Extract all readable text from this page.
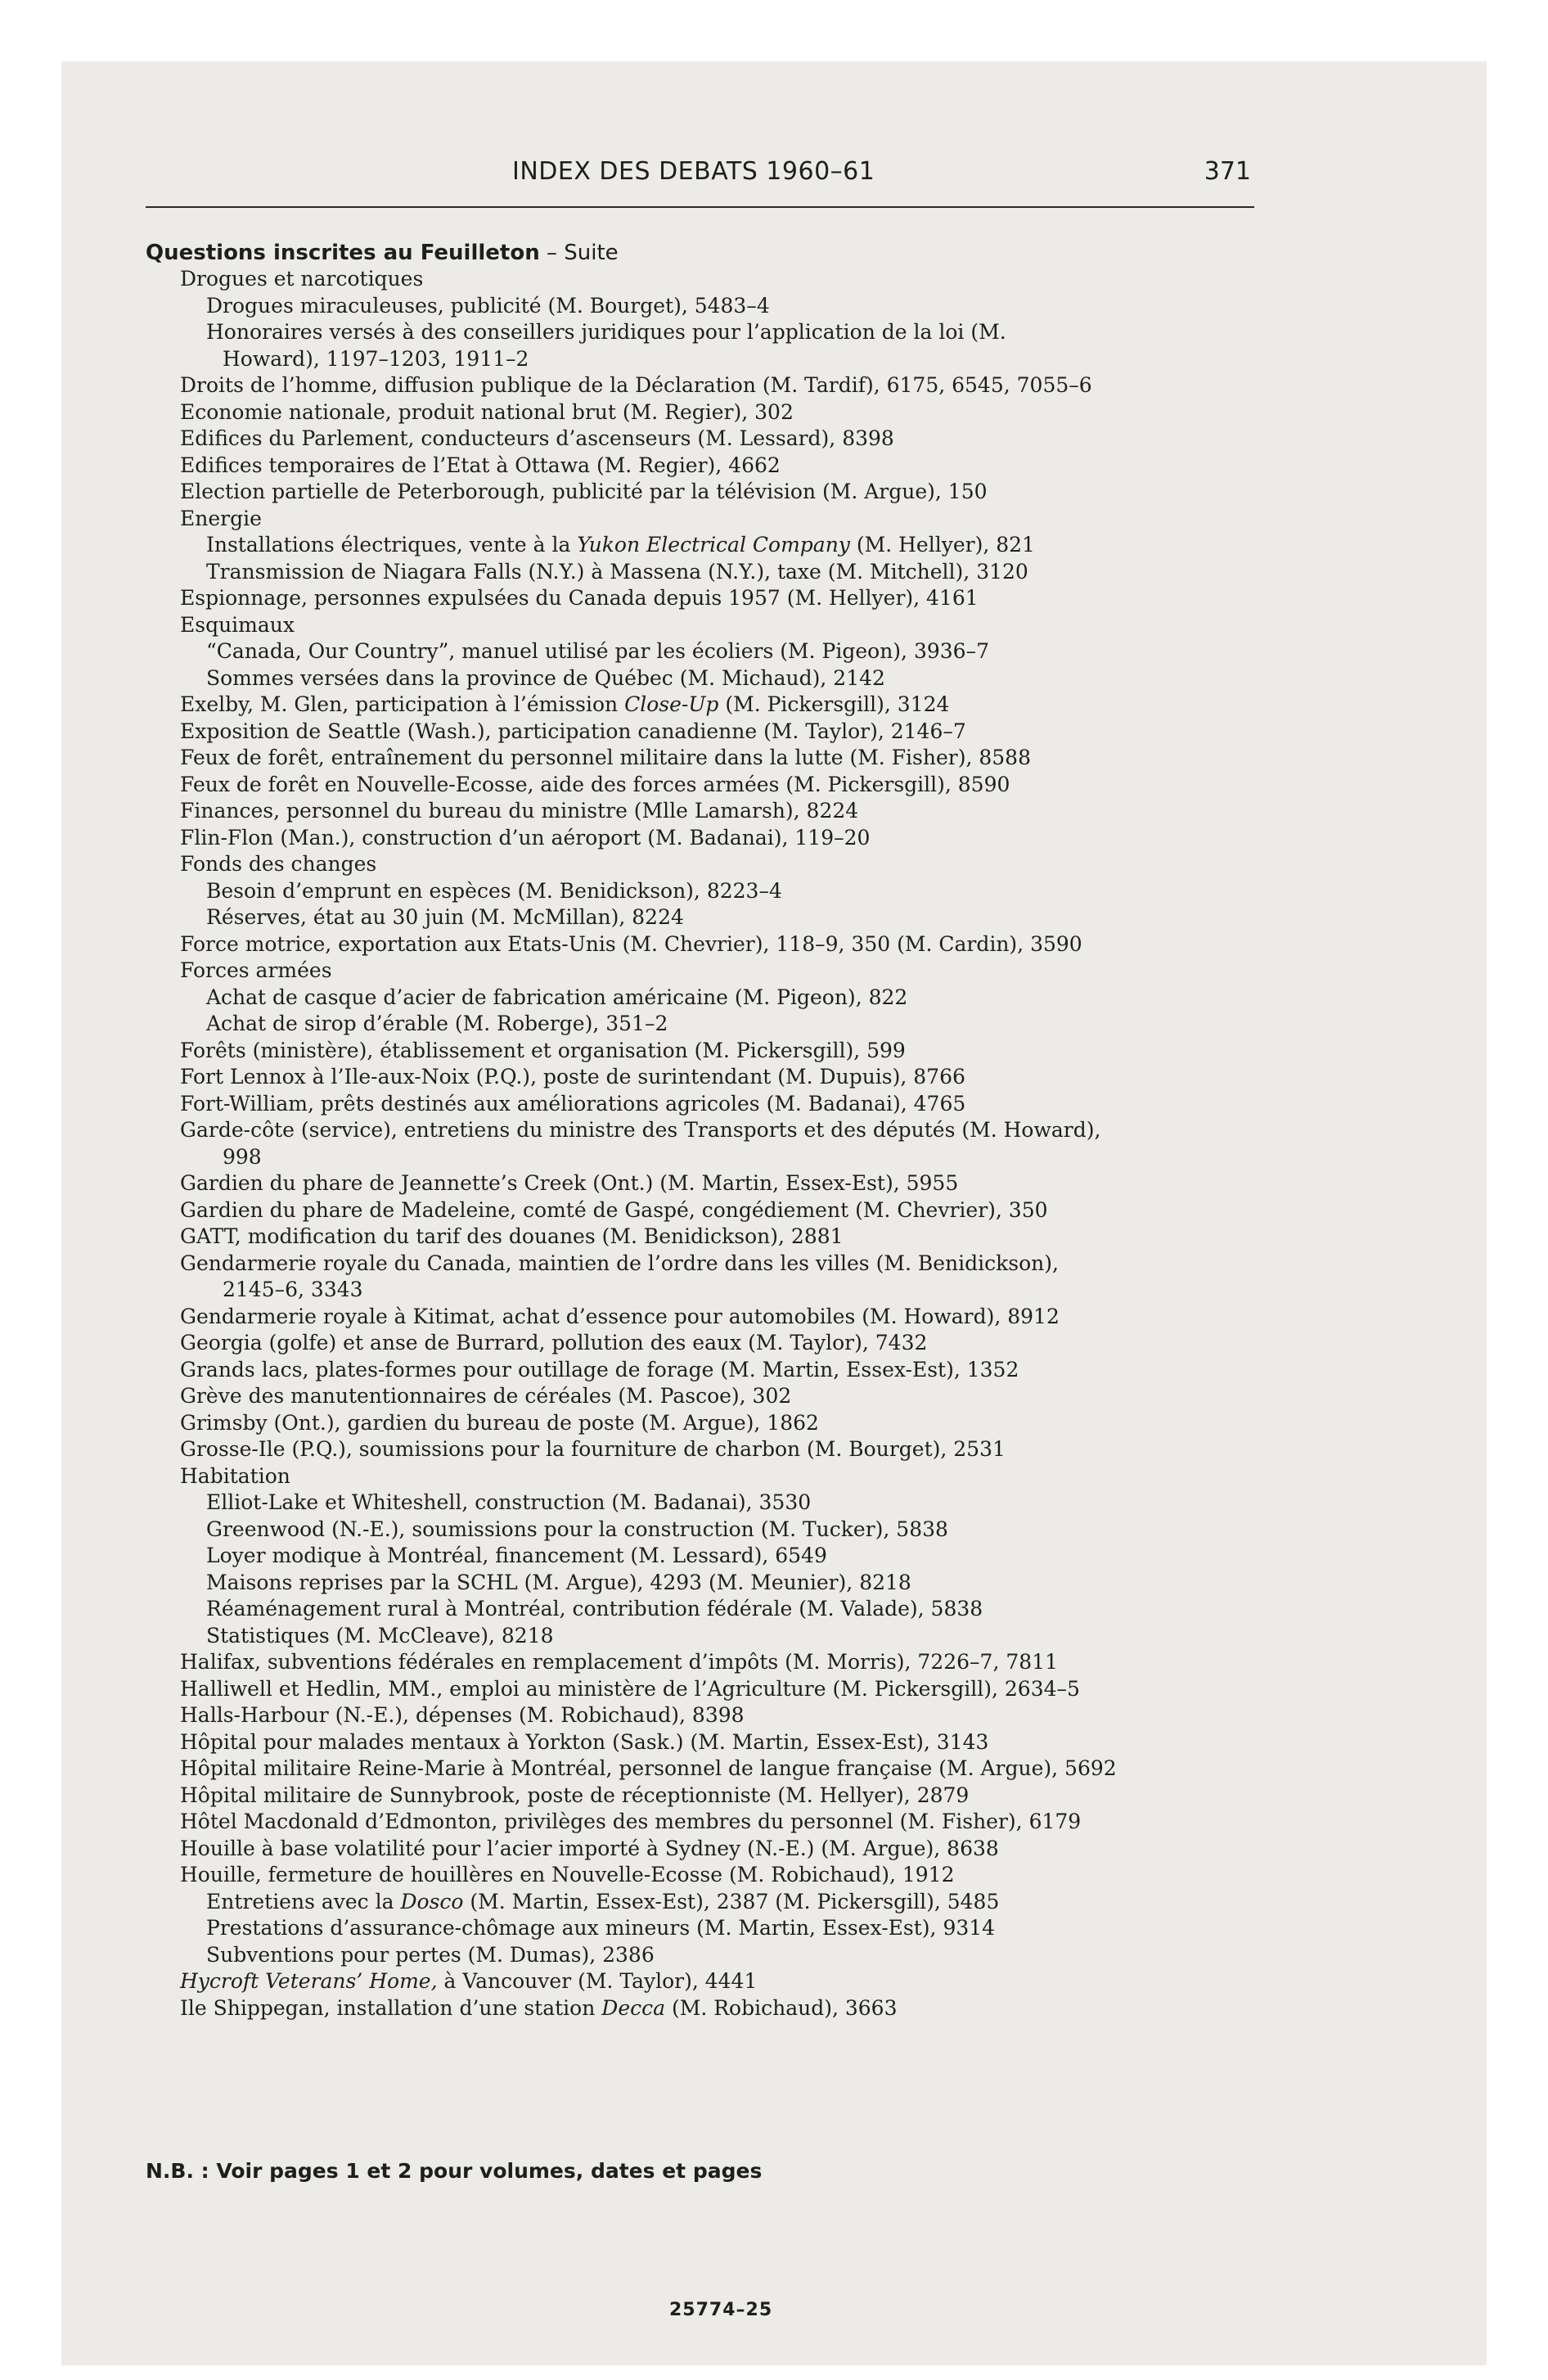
INDEX DES DEBATS 1960–61	371
Questions inscrites au Feuilleton – Suite
Drogues et narcotiques
Drogues miraculeuses, publicité (M. Bourget), 5483–4
Honoraires versés à des conseillers juridiques pour l’application de la loi (M.
Howard), 1197–1203, 1911–2
Droits de l’homme, diffusion publique de la Déclaration (M. Tardif), 6175, 6545, 7055–6
Economie nationale, produit national brut (M. Regier), 302
Edifices du Parlement, conducteurs d’ascenseurs (M. Lessard), 8398
Edifices temporaires de l’Etat à Ottawa (M. Regier), 4662
Election partielle de Peterborough, publicité par la télévision (M. Argue), 150
Energie
Installations électriques, vente à la Yukon Electrical Company (M. Hellyer), 821
Transmission de Niagara Falls (N.Y.) à Massena (N.Y.), taxe (M. Mitchell), 3120
Espionnage, personnes expulsées du Canada depuis 1957 (M. Hellyer), 4161
Esquimaux
“Canada, Our Country”, manuel utilisé par les écoliers (M. Pigeon), 3936–7
Sommes versées dans la province de Québec (M. Michaud), 2142
Exelby, M. Glen, participation à l’émission Close-Up (M. Pickersgill), 3124
Exposition de Seattle (Wash.), participation canadienne (M. Taylor), 2146–7
Feux de forêt, entraînement du personnel militaire dans la lutte (M. Fisher), 8588
Feux de forêt en Nouvelle-Ecosse, aide des forces armées (M. Pickersgill), 8590
Finances, personnel du bureau du ministre (Mlle Lamarsh), 8224
Flin-Flon (Man.), construction d’un aéroport (M. Badanai), 119–20
Fonds des changes
Besoin d’emprunt en espèces (M. Benidickson), 8223–4
Réserves, état au 30 juin (M. McMillan), 8224
Force motrice, exportation aux Etats-Unis (M. Chevrier), 118–9, 350 (M. Cardin), 3590
Forces armées
Achat de casque d’acier de fabrication américaine (M. Pigeon), 822
Achat de sirop d’érable (M. Roberge), 351–2
Forêts (ministère), établissement et organisation (M. Pickersgill), 599
Fort Lennox à l’Ile-aux-Noix (P.Q.), poste de surintendant (M. Dupuis), 8766
Fort-William, prêts destinés aux améliorations agricoles (M. Badanai), 4765
Garde-côte (service), entretiens du ministre des Transports et des députés (M. Howard),
998
Gardien du phare de Jeannette’s Creek (Ont.) (M. Martin, Essex-Est), 5955
Gardien du phare de Madeleine, comté de Gaspé, congédiement (M. Chevrier), 350
GATT, modification du tarif des douanes (M. Benidickson), 2881
Gendarmerie royale du Canada, maintien de l’ordre dans les villes (M. Benidickson),
2145–6, 3343
Gendarmerie royale à Kitimat, achat d’essence pour automobiles (M. Howard), 8912
Georgia (golfe) et anse de Burrard, pollution des eaux (M. Taylor), 7432
Grands lacs, plates-formes pour outillage de forage (M. Martin, Essex-Est), 1352
Grève des manutentionnaires de céréales (M. Pascoe), 302
Grimsby (Ont.), gardien du bureau de poste (M. Argue), 1862
Grosse-Ile (P.Q.), soumissions pour la fourniture de charbon (M. Bourget), 2531
Habitation
Elliot-Lake et Whiteshell, construction (M. Badanai), 3530
Greenwood (N.-E.), soumissions pour la construction (M. Tucker), 5838
Loyer modique à Montréal, financement (M. Lessard), 6549
Maisons reprises par la SCHL (M. Argue), 4293 (M. Meunier), 8218
Réaménagement rural à Montréal, contribution fédérale (M. Valade), 5838
Statistiques (M. McCleave), 8218
Halifax, subventions fédérales en remplacement d’impôts (M. Morris), 7226–7, 7811
Halliwell et Hedlin, MM., emploi au ministère de l’Agriculture (M. Pickersgill), 2634–5
Halls-Harbour (N.-E.), dépenses (M. Robichaud), 8398
Hôpital pour malades mentaux à Yorkton (Sask.) (M. Martin, Essex-Est), 3143
Hôpital militaire Reine-Marie à Montréal, personnel de langue française (M. Argue), 5692
Hôpital militaire de Sunnybrook, poste de réceptionniste (M. Hellyer), 2879
Hôtel Macdonald d’Edmonton, privilèges des membres du personnel (M. Fisher), 6179
Houille à base volatilité pour l’acier importé à Sydney (N.-E.) (M. Argue), 8638
Houille, fermeture de houillères en Nouvelle-Ecosse (M. Robichaud), 1912
Entretiens avec la Dosco (M. Martin, Essex-Est), 2387 (M. Pickersgill), 5485
Prestations d’assurance-chômage aux mineurs (M. Martin, Essex-Est), 9314
Subventions pour pertes (M. Dumas), 2386
Hycroft Veterans’ Home, à Vancouver (M. Taylor), 4441
Ile Shippegan, installation d’une station Decca (M. Robichaud), 3663
N.B. : Voir pages 1 et 2 pour volumes, dates et pages
25774–25
